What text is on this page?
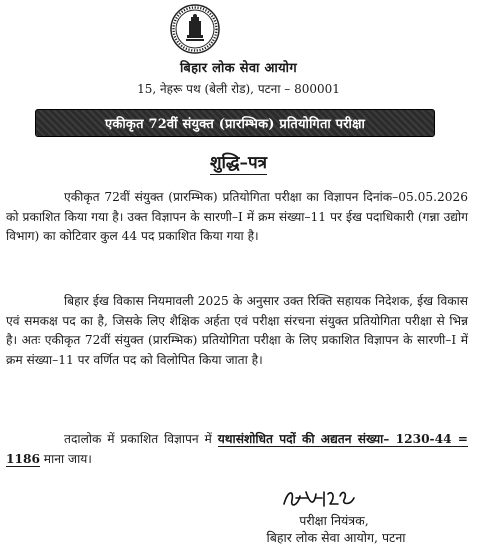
बिहार लोक सेवा आयोग
15, नेहरू पथ (बेली रोड), पटना – 800001
एकीकृत 72वीं संयुक्त (प्रारम्भिक) प्रतियोगिता परीक्षा
शुद्धि–पत्र
एकीकृत 72वीं संयुक्त (प्रारम्भिक) प्रतियोगिता परीक्षा का विज्ञापन दिनांक–05.05.2026 को प्रकाशित किया गया है। उक्त विज्ञापन के सारणी–I में क्रम संख्या–11 पर ईख पदाधिकारी (गन्ना उद्योग विभाग) का कोटिवार कुल 44 पद प्रकाशित किया गया है।
बिहार ईख विकास नियमावली 2025 के अनुसार उक्त रिक्ति सहायक निदेशक, ईख विकास एवं समकक्ष पद का है, जिसके लिए शैक्षिक अर्हता एवं परीक्षा संरचना संयुक्त प्रतियोगिता परीक्षा से भिन्न है। अतः एकीकृत 72वीं संयुक्त (प्रारम्भिक) प्रतियोगिता परीक्षा के लिए प्रकाशित विज्ञापन के सारणी–I में क्रम संख्या–11 पर वर्णित पद को विलोपित किया जाता है।
तदालोक में प्रकाशित विज्ञापन में यथासंशोधित पदों की अद्यतन संख्या– 1230-44 = 1186 माना जाय।
परीक्षा नियंत्रक,
बिहार लोक सेवा आयोग, पटना
